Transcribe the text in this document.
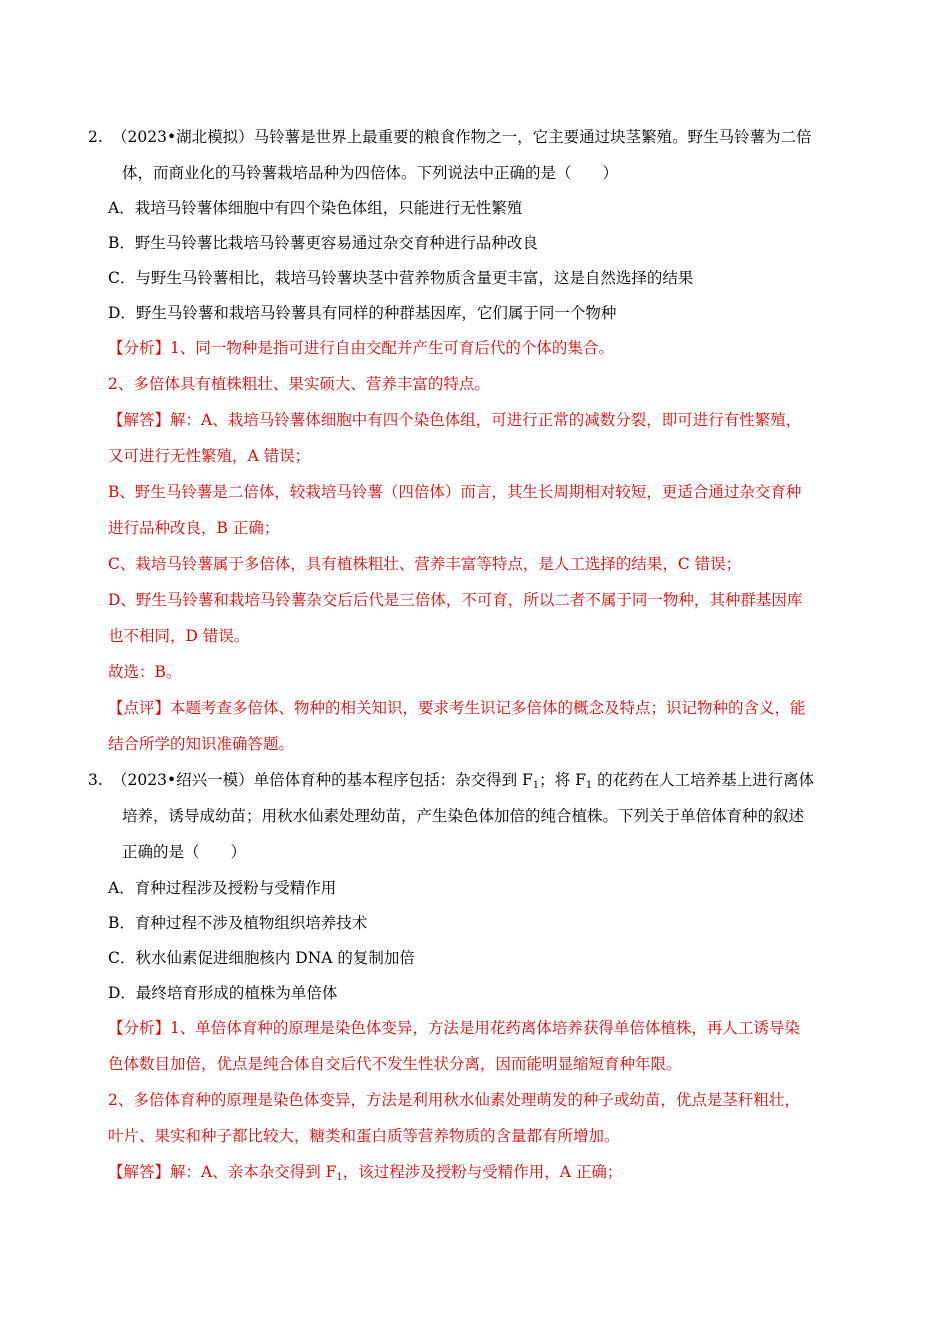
2. （2023•湖北模拟）马铃薯是世界上最重要的粮食作物之一，它主要通过块茎繁殖。野生马铃薯为二倍
体，而商业化的马铃薯栽培品种为四倍体。下列说法中正确的是（　　）
A．栽培马铃薯体细胞中有四个染色体组，只能进行无性繁殖
B．野生马铃薯比栽培马铃薯更容易通过杂交育种进行品种改良
C．与野生马铃薯相比，栽培马铃薯块茎中营养物质含量更丰富，这是自然选择的结果
D．野生马铃薯和栽培马铃薯具有同样的种群基因库，它们属于同一个物种
【分析】1、同一物种是指可进行自由交配并产生可育后代的个体的集合。
2、多倍体具有植株粗壮、果实硕大、营养丰富的特点。
【解答】解：A、栽培马铃薯体细胞中有四个染色体组，可进行正常的减数分裂，即可进行有性繁殖，
又可进行无性繁殖，A 错误；
B、野生马铃薯是二倍体，较栽培马铃薯（四倍体）而言，其生长周期相对较短，更适合通过杂交育种
进行品种改良，B 正确；
C、栽培马铃薯属于多倍体，具有植株粗壮、营养丰富等特点，是人工选择的结果，C 错误；
D、野生马铃薯和栽培马铃薯杂交后后代是三倍体，不可育，所以二者不属于同一物种，其种群基因库
也不相同，D 错误。
故选：B。
【点评】本题考查多倍体、物种的相关知识，要求考生识记多倍体的概念及特点；识记物种的含义，能
结合所学的知识准确答题。
3. （2023•绍兴一模）单倍体育种的基本程序包括：杂交得到 $F_1$；将 $F_1$ 的花药在人工培养基上进行离体
培养，诱导成幼苗；用秋水仙素处理幼苗，产生染色体加倍的纯合植株。下列关于单倍体育种的叙述
正确的是（　　）
A．育种过程涉及授粉与受精作用
B．育种过程不涉及植物组织培养技术
C．秋水仙素促进细胞核内 DNA 的复制加倍
D．最终培育形成的植株为单倍体
【分析】1、单倍体育种的原理是染色体变异，方法是用花药离体培养获得单倍体植株，再人工诱导染
色体数目加倍，优点是纯合体自交后代不发生性状分离，因而能明显缩短育种年限。
2、多倍体育种的原理是染色体变异，方法是利用秋水仙素处理萌发的种子或幼苗，优点是茎秆粗壮，
叶片、果实和种子都比较大，糖类和蛋白质等营养物质的含量都有所增加。
【解答】解：A、亲本杂交得到 $F_1$，该过程涉及授粉与受精作用，A 正确；
